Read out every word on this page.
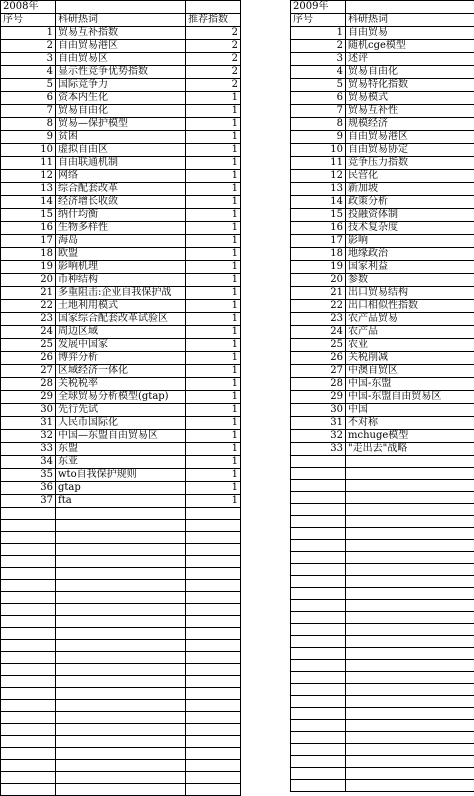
2008年		
序号	科研热词	推荐指数
1	贸易互补指数	2
2	自由贸易港区	2
3	自由贸易区	2
4	显示性竞争优势指数	2
5	国际竞争力	2
6	资本内生化	1
7	贸易自由化	1
8	贸易—保护模型	1
9	贫困	1
10	虚拟自由区	1
11	自由联通机制	1
12	网络	1
13	综合配套改革	1
14	经济增长收敛	1
15	纳什均衡	1
16	生物多样性	1
17	海岛	1
18	欧盟	1
19	影响机理	1
20	币种结构	1
21	多重阻击:企业自我保护战	1
22	土地利用模式	1
23	国家综合配套改革试验区	1
24	周边区域	1
25	发展中国家	1
26	博弈分析	1
27	区域经济一体化	1
28	关税税率	1
29	全球贸易分析模型(gtap)	1
30	先行先试	1
31	人民币国际化	1
32	中国—东盟自由贸易区	1
33	东盟	1
34	东亚	1
35	wto自我保护规则	1
36	gtap	1
37	fta	1

2009年	
序号	科研热词
1	自由贸易
2	随机cge模型
3	述评
4	贸易自由化
5	贸易特化指数
6	贸易模式
7	贸易互补性
8	规模经济
9	自由贸易港区
10	自由贸易协定
11	竞争压力指数
12	民营化
13	新加坡
14	政策分析
15	投融资体制
16	技术复杂度
17	影响
18	地缘政治
19	国家利益
20	参数
21	出口贸易结构
22	出口相似性指数
23	农产品贸易
24	农产品
25	农业
26	关税削减
27	中澳自贸区
28	中国-东盟
29	中国-东盟自由贸易区
30	中国
31	不对称
32	mchuge模型
33	"走出去"战略
